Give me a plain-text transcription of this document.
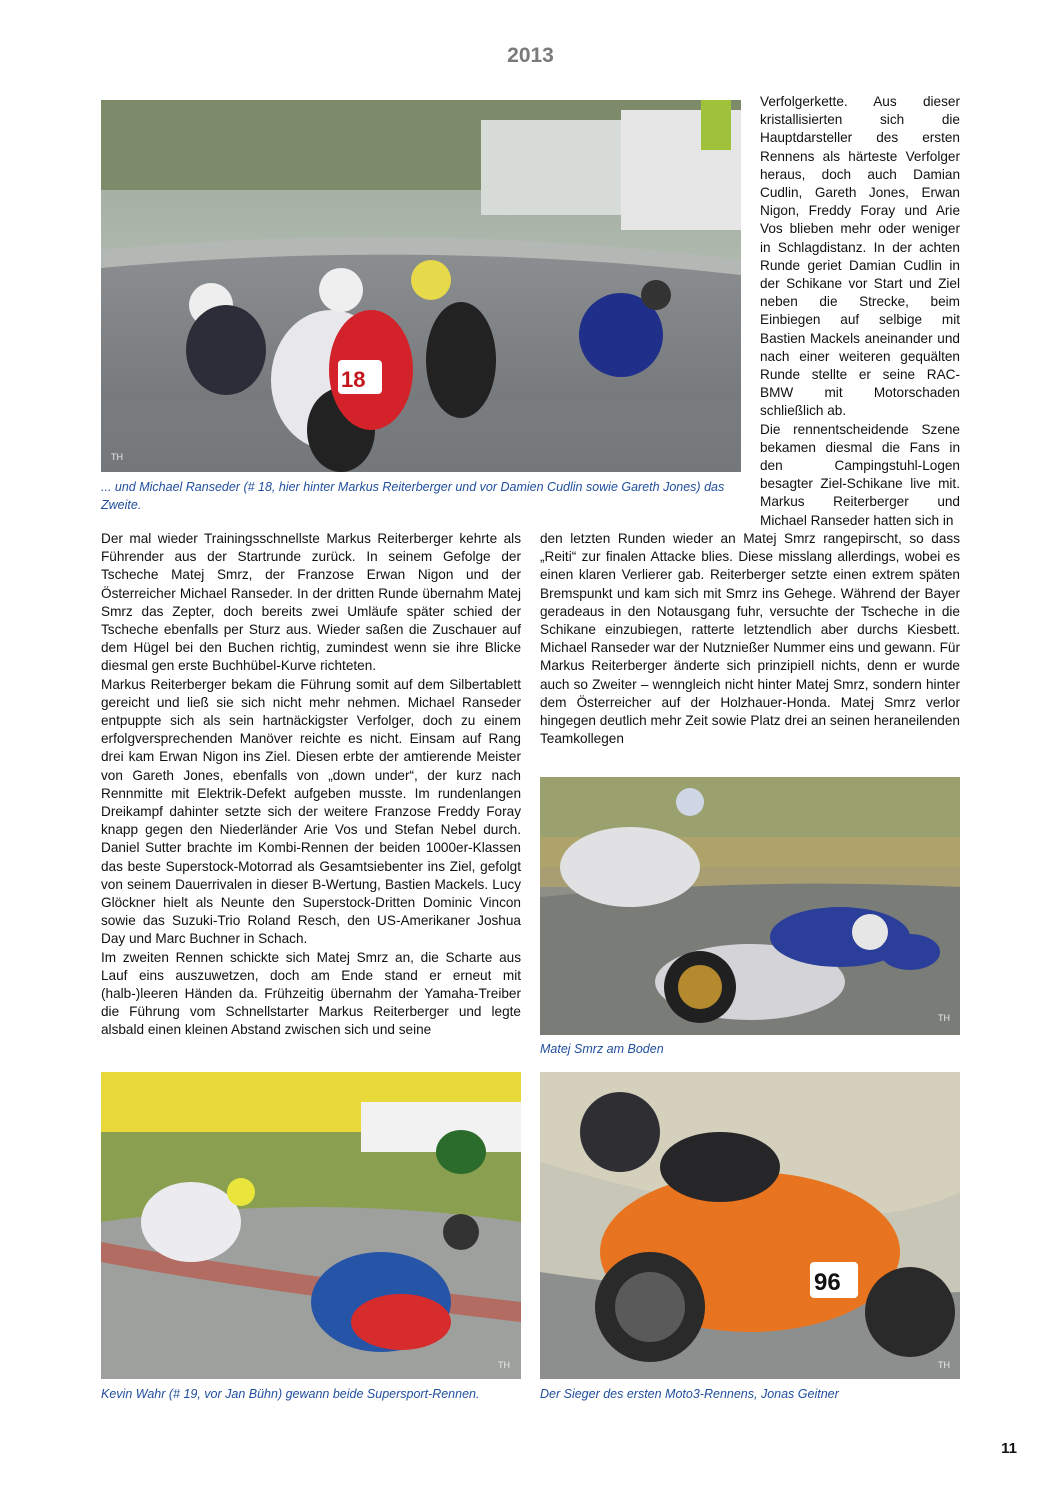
2013
18
TH
... und Michael Ranseder (# 18, hier hinter Markus Reiterberger und vor Damien Cudlin sowie Gareth Jones) das Zweite.

Verfolgerkette. Aus dieser kristallisierten sich die Hauptdarsteller des ersten Rennens als härteste Verfolger heraus, doch auch Damian Cudlin, Gareth Jones, Erwan Nigon, Freddy Foray und Arie Vos blieben mehr oder weniger in Schlagdistanz. In der achten Runde geriet Damian Cudlin in der Schikane vor Start und Ziel neben die Strecke, beim Einbiegen auf selbige mit Bastien Mackels aneinander und nach einer weiteren gequälten Runde stellte er seine RAC-BMW mit Motorschaden schließlich ab.

Die rennentscheidende Szene bekamen diesmal die Fans in den Campingstuhl-Logen besagter Ziel-Schikane live mit. Markus Reiterberger und Michael Ranseder hatten sich in

Der mal wieder Trainingsschnellste Markus Reiterberger kehrte als Führender aus der Startrunde zurück. In seinem Gefolge der Tscheche Matej Smrz, der Franzose Erwan Nigon und der Österreicher Michael Ranseder. In der dritten Runde übernahm Matej Smrz das Zepter, doch bereits zwei Umläufe später schied der Tscheche ebenfalls per Sturz aus. Wieder saßen die Zuschauer auf dem Hügel bei den Buchen richtig, zumindest wenn sie ihre Blicke diesmal gen erste Buchhübel-Kurve richteten.

Markus Reiterberger bekam die Führung somit auf dem Silbertablett gereicht und ließ sie sich nicht mehr nehmen. Michael Ranseder entpuppte sich als sein hartnäckigster Verfolger, doch zu einem erfolgversprechenden Manöver reichte es nicht. Einsam auf Rang drei kam Erwan Nigon ins Ziel. Diesen erbte der amtierende Meister von Gareth Jones, ebenfalls von „down under“, der kurz nach Rennmitte mit Elektrik-Defekt aufgeben musste. Im rundenlangen Dreikampf dahinter setzte sich der weitere Franzose Freddy Foray knapp gegen den Niederländer Arie Vos und Stefan Nebel durch. Daniel Sutter brachte im Kombi-Rennen der beiden 1000er-Klassen das beste Superstock-Motorrad als Gesamtsiebenter ins Ziel, gefolgt von seinem Dauerrivalen in dieser B-Wertung, Bastien Mackels. Lucy Glöckner hielt als Neunte den Superstock-Dritten Dominic Vincon sowie das Suzuki-Trio Roland Resch, den US-Amerikaner Joshua Day und Marc Buchner in Schach.

Im zweiten Rennen schickte sich Matej Smrz an, die Scharte aus Lauf eins auszuwetzen, doch am Ende stand er erneut mit (halb-)leeren Händen da. Frühzeitig übernahm der Yamaha-Treiber die Führung vom Schnellstarter Markus Reiterberger und legte alsbald einen kleinen Abstand zwischen sich und seine

den letzten Runden wieder an Matej Smrz rangepirscht, so dass „Reiti“ zur finalen Attacke blies. Diese misslang allerdings, wobei es einen klaren Verlierer gab. Reiterberger setzte einen extrem späten Bremspunkt und kam sich mit Smrz ins Gehege. Während der Bayer geradeaus in den Notausgang fuhr, versuchte der Tscheche in die Schikane einzubiegen, ratterte letztendlich aber durchs Kiesbett. Michael Ranseder war der Nutznießer Nummer eins und gewann. Für Markus Reiterberger änderte sich prinzipiell nichts, denn er wurde auch so Zweiter – wenngleich nicht hinter Matej Smrz, sondern hinter dem Österreicher auf der Holzhauer-Honda. Matej Smrz verlor hingegen deutlich mehr Zeit sowie Platz drei an seinen heraneilenden Teamkollegen

TH
Matej Smrz am Boden
TH
Kevin Wahr (# 19, vor Jan Bühn) gewann beide Supersport-Rennen.
96
TH
Der Sieger des ersten Moto3-Rennens, Jonas Geitner
11
